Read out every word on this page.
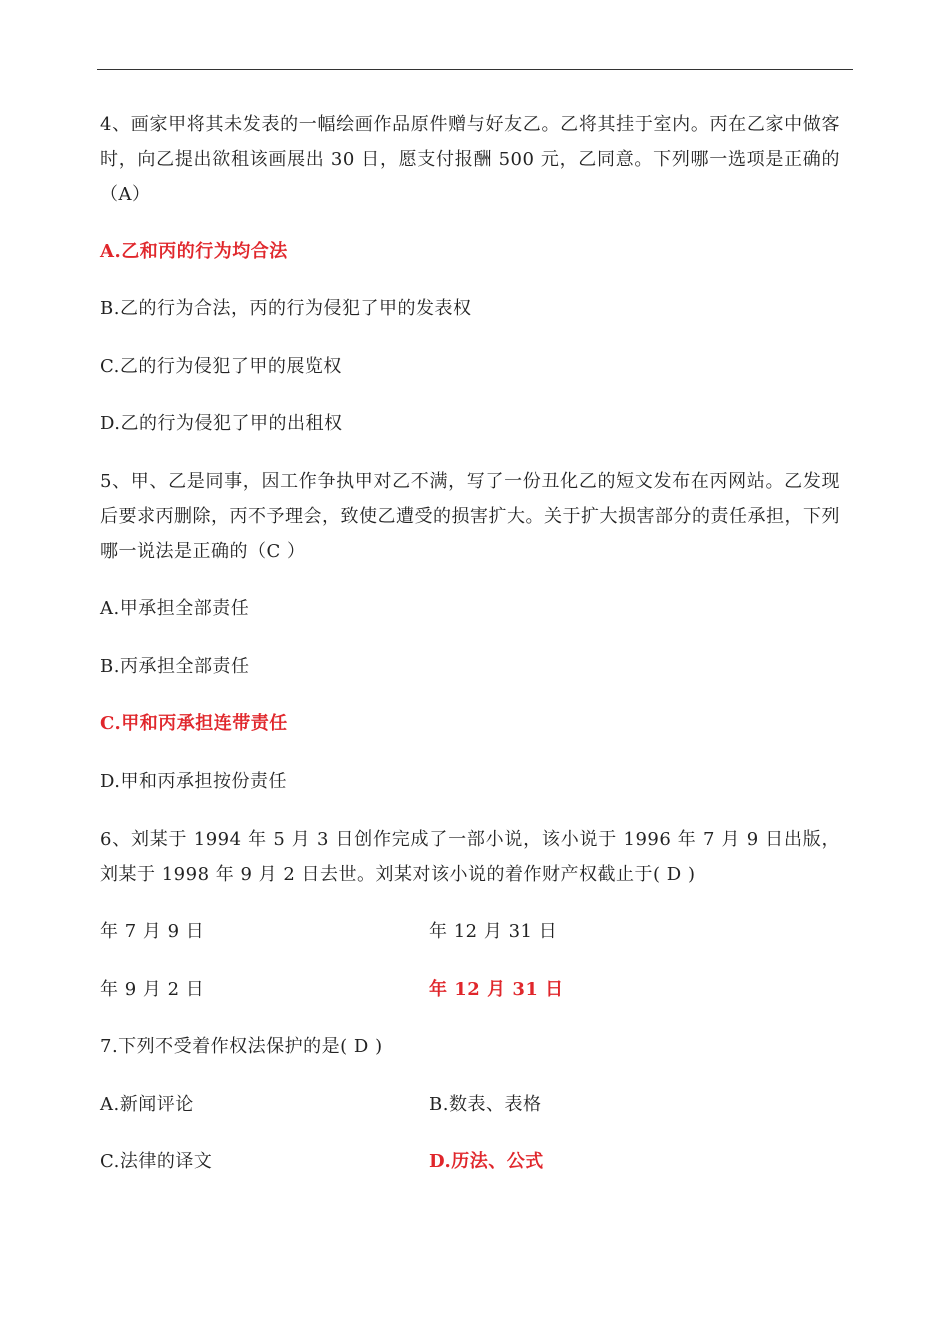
4、画家甲将其未发表的一幅绘画作品原件赠与好友乙。乙将其挂于室内。丙在乙家中做客时，向乙提出欲租该画展出 30 日，愿支付报酬 500 元，乙同意。下列哪一选项是正确的（A）
A.乙和丙的行为均合法
B.乙的行为合法，丙的行为侵犯了甲的发表权
C.乙的行为侵犯了甲的展览权
D.乙的行为侵犯了甲的出租权
5、甲、乙是同事，因工作争执甲对乙不满，写了一份丑化乙的短文发布在丙网站。乙发现后要求丙删除，丙不予理会，致使乙遭受的损害扩大。关于扩大损害部分的责任承担，下列哪一说法是正确的（C ）
A.甲承担全部责任
B.丙承担全部责任
C.甲和丙承担连带责任
D.甲和丙承担按份责任
6、刘某于 1994 年 5 月 3 日创作完成了一部小说，该小说于 1996 年 7 月 9 日出版，刘某于 1998 年 9 月 2 日去世。刘某对该小说的着作财产权截止于( D )
年 7 月 9 日	年 12 月 31 日
年 9 月 2 日	年 12 月 31 日
7.下列不受着作权法保护的是( D )
A.新闻评论	B.数表、表格
C.法律的译文	D.历法、公式
